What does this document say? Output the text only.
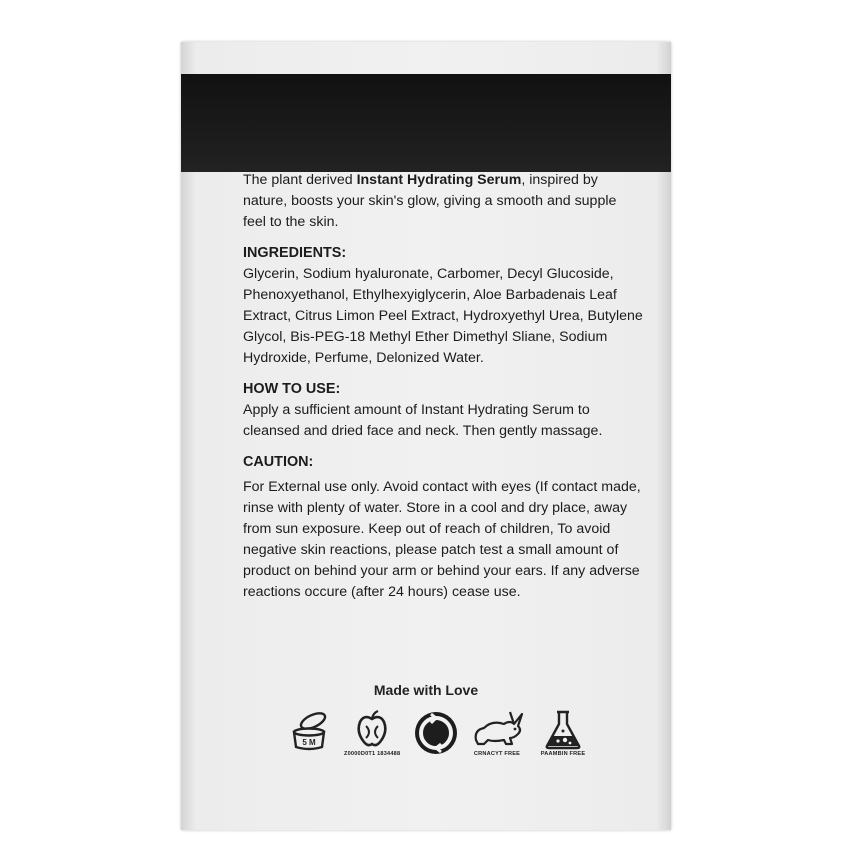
The plant derived Instant Hydrating Serum, inspired by nature, boosts your skin's glow, giving a smooth and supple feel to the skin.

INGREDIENTS:

Glycerin, Sodium hyaluronate, Carbomer, Decyl Glucoside, Phenoxyethanol, Ethylhexyiglycerin, Aloe Barbadenais Leaf Extract, Citrus Limon Peel Extract, Hydroxyethyl Urea, Butylene Glycol, Bis-PEG-18 Methyl Ether Dimethyl Sliane, Sodium Hydroxide, Perfume, Delonized Water.

HOW TO USE:

Apply a sufficient amount of Instant Hydrating Serum to cleansed and dried face and neck. Then gently massage.

CAUTION:

For External use only. Avoid contact with eyes (If contact made, rinse with plenty of water. Store in a cool and dry place, away from sun exposure. Keep out of reach of children, To avoid negative skin reactions, please patch test a small amount of product on behind your arm or behind your ears. If any adverse reactions occure (after 24 hours) cease use.

Made with Love
5 M
Z0000D0T1 1834488	CRNACYT FREE	PAAMBIN FREE
